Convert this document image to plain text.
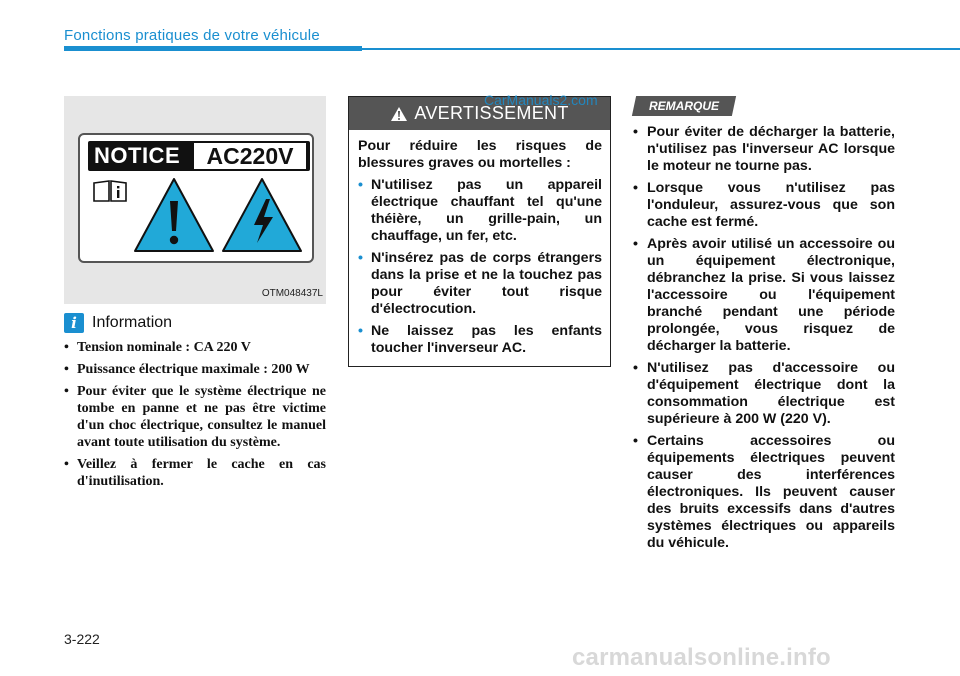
Fonctions pratiques de votre véhicule
NOTICE	AC220V
OTM048437L
i Information
• Tension nominale : CA 220 V
• Puissance électrique maximale : 200 W
• Pour éviter que le système électrique ne tombe en panne et ne pas être victime d'un choc électrique, consultez le manuel avant toute utilisation du système.
• Veillez à fermer le cache en cas d'inutilisation.
AVERTISSEMENT
Pour réduire les risques de blessures graves ou mortelles :
• N'utilisez pas un appareil électrique chauffant tel qu'une théière, un grille-pain, un chauffage, un fer, etc.
• N'insérez pas de corps étrangers dans la prise et ne la touchez pas pour éviter tout risque d'électrocution.
• Ne laissez pas les enfants toucher l'inverseur AC.
CarManuals2.com	REMARQUE
• Pour éviter de décharger la batterie, n'utilisez pas l'inverseur AC lorsque le moteur ne tourne pas.
• Lorsque vous n'utilisez pas l'onduleur, assurez-vous que son cache est fermé.
• Après avoir utilisé un accessoire ou un équipement électronique, débranchez la prise. Si vous laissez l'accessoire ou l'équipement branché pendant une période prolongée, vous risquez de décharger la batterie.
• N'utilisez pas d'accessoire ou d'équipement électrique dont la consommation électrique est supérieure à 200 W (220 V).
• Certains accessoires ou équipements électriques peuvent causer des interférences électroniques. Ils peuvent causer des bruits excessifs dans d'autres systèmes électriques ou appareils du véhicule.
3-222
carmanualsonline.info
